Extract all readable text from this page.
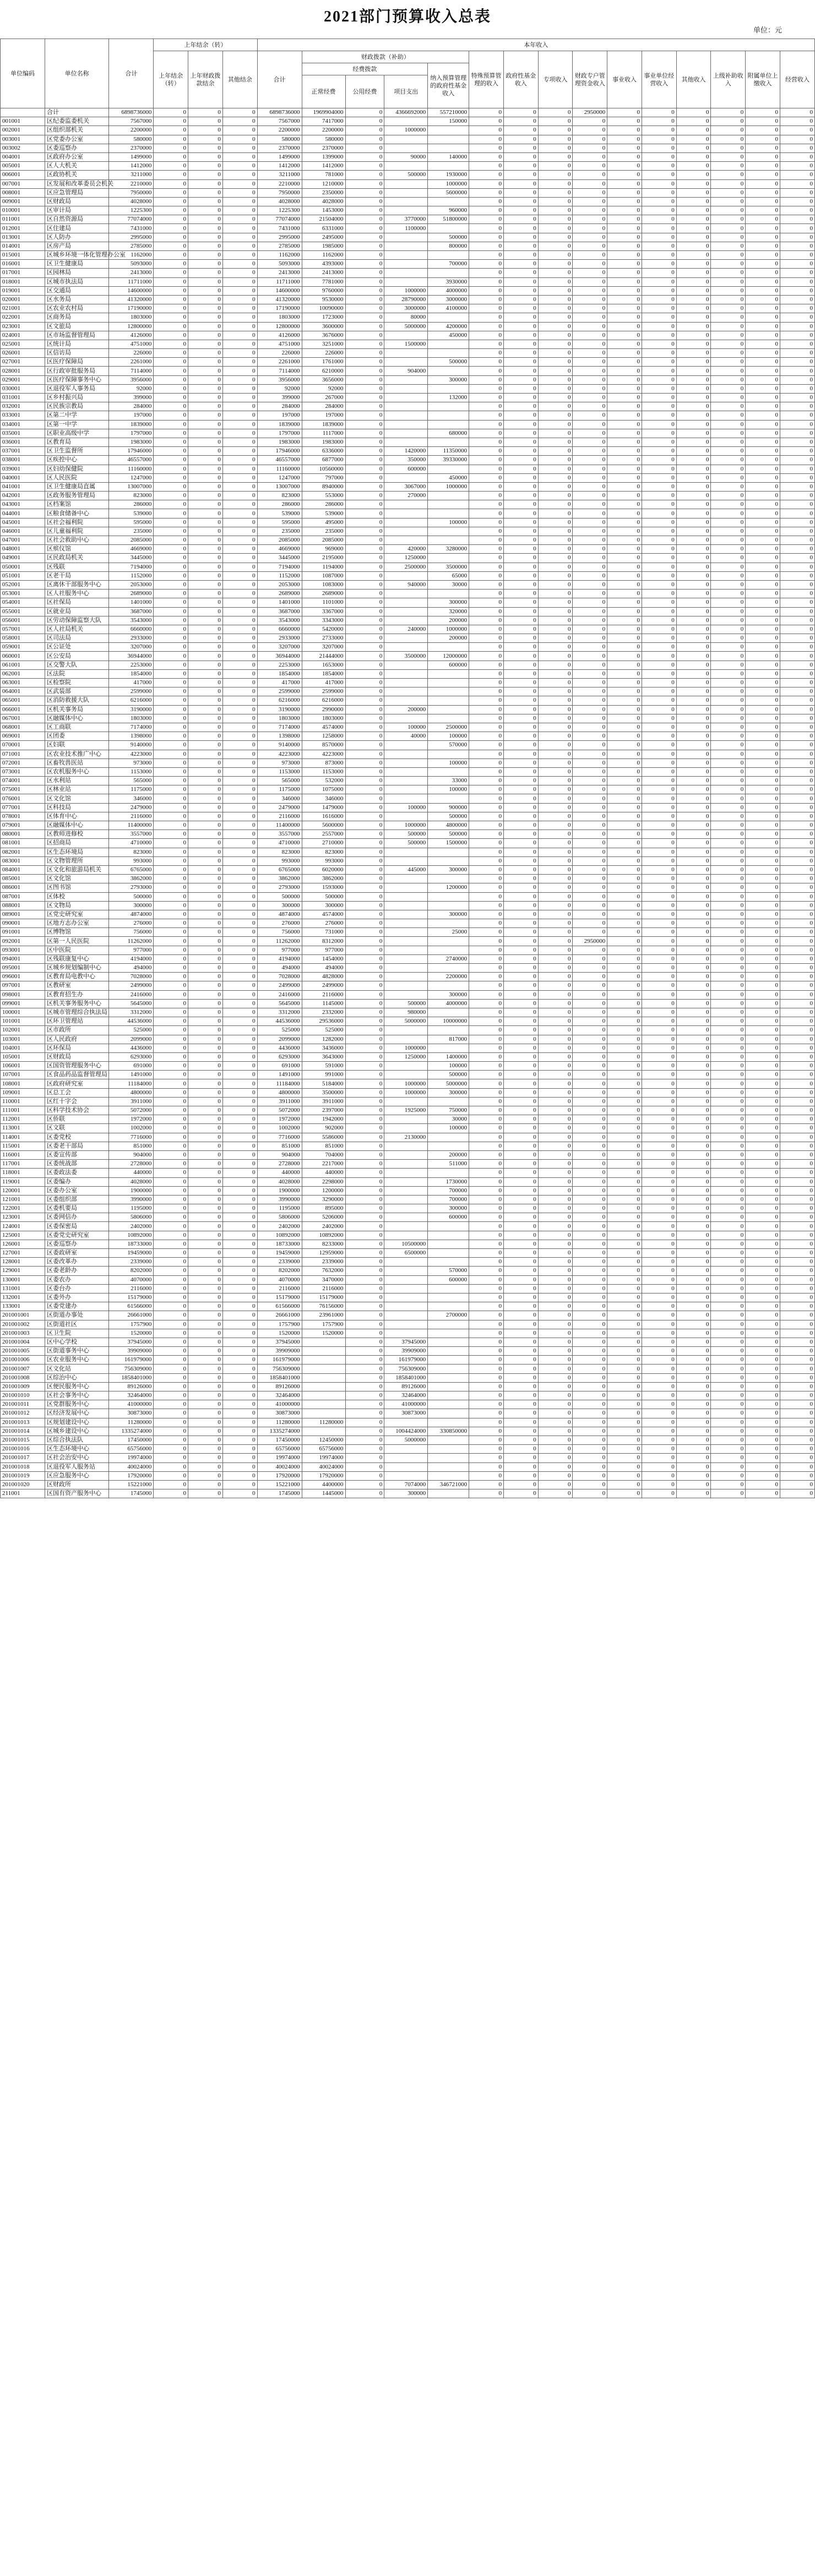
2021部门预算收入总表
单位：元
单位编码	单位名称	合计	上年结余（转）			本年收入														
			上年结余（转）	上年财政拨款结余	其他结余	合计	财政拨款（补助）				特殊预算管理的收入	政府性基金收入	专项收入	财政专户管理资金收入	事业收入	事业单位经营收入	其他收入	上级补助收入	附属单位上缴收入	经营收入
							经费拨款			纳入预算管理的政府性基金收入										
							正常经费	公用经费	项目支出											
	合计	6898736000	0	0	0	6898736000	1969904000	0	4366692000	557210000	0	0	0	2950000	0	0	0	0	0	0
001001	区纪委监委机关	7567000	0	0	0	7567000	7417000	0		150000	0	0	0	0	0	0	0	0	0	0
002001	区组织部机关	2200000	0	0	0	2200000	2200000	0	1000000		0	0	0	0	0	0	0	0	0	0
003001	区党委办公室	580000	0	0	0	580000	580000	0			0	0	0	0	0	0	0	0	0	0
003002	区委巡察办	2370000	0	0	0	2370000	2370000	0			0	0	0	0	0	0	0	0	0	0
004001	区政府办公室	1499000	0	0	0	1499000	1399000	0	90000	140000	0	0	0	0	0	0	0	0	0	0
005001	区人大机关	1412000	0	0	0	1412000	1412000	0			0	0	0	0	0	0	0	0	0	0
006001	区政协机关	3211000	0	0	0	3211000	781000	0	500000	1930000	0	0	0	0	0	0	0	0	0	0
007001	区发展和改革委员会机关	2210000	0	0	0	2210000	1210000	0		1000000	0	0	0	0	0	0	0	0	0	0
008001	区应急管理局	7950000	0	0	0	7950000	2350000	0		5600000	0	0	0	0	0	0	0	0	0	0
009001	区财政局	4028000	0	0	0	4028000	4028000	0			0	0	0	0	0	0	0	0	0	0
010001	区审计局	1225300	0	0	0	1225300	1453000	0		960000	0	0	0	0	0	0	0	0	0	0
011001	区自然资源局	77074000	0	0	0	77074000	21504000	0	3770000	51800000	0	0	0	0	0	0	0	0	0	0
012001	区住建局	7431000	0	0	0	7431000	6331000	0	1100000		0	0	0	0	0	0	0	0	0	0
013001	区人防办	2995000	0	0	0	2995000	2495000	0		500000	0	0	0	0	0	0	0	0	0	0
014001	区房产局	2785000	0	0	0	2785000	1985000	0		800000	0	0	0	0	0	0	0	0	0	0
015001	区城乡环境一体化管理办公室	1162000	0	0	0	1162000	1162000	0			0	0	0	0	0	0	0	0	0	0
016001	区卫生健康局	5093000	0	0	0	5093000	4393000	0		700000	0	0	0	0	0	0	0	0	0	0
017001	区园林局	2413000	0	0	0	2413000	2413000	0			0	0	0	0	0	0	0	0	0	0
018001	区城市执法局	11711000	0	0	0	11711000	7781000	0		3930000	0	0	0	0	0	0	0	0	0	0
019001	区交通局	14600000	0	0	0	14600000	9760000	0	1000000	4000000	0	0	0	0	0	0	0	0	0	0
020001	区水务局	41320000	0	0	0	41320000	9530000	0	28790000	3000000	0	0	0	0	0	0	0	0	0	0
021001	区农业农村局	17190000	0	0	0	17190000	10090000	0	3000000	4100000	0	0	0	0	0	0	0	0	0	0
022001	区商务局	1803000	0	0	0	1803000	1723000	0	80000		0	0	0	0	0	0	0	0	0	0
023001	区文旅局	12800000	0	0	0	12800000	3600000	0	5000000	4200000	0	0	0	0	0	0	0	0	0	0
024001	区市场监督管理局	4126000	0	0	0	4126000	3676000	0		450000	0	0	0	0	0	0	0	0	0	0
025001	区统计局	4751000	0	0	0	4751000	3251000	0	1500000		0	0	0	0	0	0	0	0	0	0
026001	区信访局	226000	0	0	0	226000	226000	0			0	0	0	0	0	0	0	0	0	0
027001	区医疗保障局	2261000	0	0	0	2261000	1761000	0		500000	0	0	0	0	0	0	0	0	0	0
028001	区行政审批服务局	7114000	0	0	0	7114000	6210000	0	904000		0	0	0	0	0	0	0	0	0	0
029001	区医疗保障事务中心	3956000	0	0	0	3956000	3656000	0		300000	0	0	0	0	0	0	0	0	0	0
030001	区退役军人事务局	92000	0	0	0	92000	92000	0			0	0	0	0	0	0	0	0	0	0
031001	区乡村振兴局	399000	0	0	0	399000	267000	0		132000	0	0	0	0	0	0	0	0	0	0
032001	区民族宗教局	284000	0	0	0	284000	284000	0			0	0	0	0	0	0	0	0	0	0
033001	区第二中学	197000	0	0	0	197000	197000	0			0	0	0	0	0	0	0	0	0	0
034001	区第一中学	1839000	0	0	0	1839000	1839000	0			0	0	0	0	0	0	0	0	0	0
035001	区职业高级中学	1797000	0	0	0	1797000	1117000	0		680000	0	0	0	0	0	0	0	0	0	0
036001	区教育局	1983000	0	0	0	1983000	1983000	0			0	0	0	0	0	0	0	0	0	0
037001	区卫生监督所	17946000	0	0	0	17946000	6336000	0	1420000	11350000	0	0	0	0	0	0	0	0	0	0
038001	区疾控中心	46557000	0	0	0	46557000	6877000	0	350000	39330000	0	0	0	0	0	0	0	0	0	0
039001	区妇幼保健院	11160000	0	0	0	11160000	10560000	0	600000		0	0	0	0	0	0	0	0	0	0
040001	区人民医院	1247000	0	0	0	1247000	797000	0		450000	0	0	0	0	0	0	0	0	0	0
041001	区卫生健康局直属	13007000	0	0	0	13007000	8940000	0	3067000	1000000	0	0	0	0	0	0	0	0	0	0
042001	区政务服务管理局	823000	0	0	0	823000	553000	0	270000		0	0	0	0	0	0	0	0	0	0
043001	区档案馆	286000	0	0	0	286000	286000	0			0	0	0	0	0	0	0	0	0	0
044001	区粮食储备中心	539000	0	0	0	539000	539000	0			0	0	0	0	0	0	0	0	0	0
045001	区社会福利院	595000	0	0	0	595000	495000	0		100000	0	0	0	0	0	0	0	0	0	0
046001	区儿童福利院	235000	0	0	0	235000	235000	0			0	0	0	0	0	0	0	0	0	0
047001	区社会救助中心	2085000	0	0	0	2085000	2085000	0			0	0	0	0	0	0	0	0	0	0
048001	区殡仪馆	4669000	0	0	0	4669000	969000	0	420000	3280000	0	0	0	0	0	0	0	0	0	0
049001	区民政局机关	3445000	0	0	0	3445000	2195000	0	1250000		0	0	0	0	0	0	0	0	0	0
050001	区残联	7194000	0	0	0	7194000	1194000	0	2500000	3500000	0	0	0	0	0	0	0	0	0	0
051001	区老干局	1152000	0	0	0	1152000	1087000	0		65000	0	0	0	0	0	0	0	0	0	0
052001	区离休干部服务中心	2053000	0	0	0	2053000	1083000	0	940000	30000	0	0	0	0	0	0	0	0	0	0
053001	区人社服务中心	2689000	0	0	0	2689000	2689000	0			0	0	0	0	0	0	0	0	0	0
054001	区社保局	1401000	0	0	0	1401000	1101000	0		300000	0	0	0	0	0	0	0	0	0	0
055001	区就业局	3687000	0	0	0	3687000	3367000	0		320000	0	0	0	0	0	0	0	0	0	0
056001	区劳动保障监察大队	3543000	0	0	0	3543000	3343000	0		200000	0	0	0	0	0	0	0	0	0	0
057001	区人社局机关	6660000	0	0	0	6660000	5420000	0	240000	1000000	0	0	0	0	0	0	0	0	0	0
058001	区司法局	2933000	0	0	0	2933000	2733000	0		200000	0	0	0	0	0	0	0	0	0	0
059001	区公证处	3207000	0	0	0	3207000	3207000	0			0	0	0	0	0	0	0	0	0	0
060001	区公安局	36944000	0	0	0	36944000	21444000	0	3500000	12000000	0	0	0	0	0	0	0	0	0	0
061001	区交警大队	2253000	0	0	0	2253000	1653000	0		600000	0	0	0	0	0	0	0	0	0	0
062001	区法院	1854000	0	0	0	1854000	1854000	0			0	0	0	0	0	0	0	0	0	0
063001	区检察院	417000	0	0	0	417000	417000	0			0	0	0	0	0	0	0	0	0	0
064001	区武装部	2599000	0	0	0	2599000	2599000	0			0	0	0	0	0	0	0	0	0	0
065001	区消防救援大队	6216000	0	0	0	6216000	6216000	0			0	0	0	0	0	0	0	0	0	0
066001	区机关事务局	3190000	0	0	0	3190000	2990000	0	200000		0	0	0	0	0	0	0	0	0	0
067001	区融媒体中心	1803000	0	0	0	1803000	1803000	0			0	0	0	0	0	0	0	0	0	0
068001	区工商联	7174000	0	0	0	7174000	4574000	0	100000	2500000	0	0	0	0	0	0	0	0	0	0
069001	区团委	1398000	0	0	0	1398000	1258000	0	40000	100000	0	0	0	0	0	0	0	0	0	0
070001	区妇联	9140000	0	0	0	9140000	8570000	0		570000	0	0	0	0	0	0	0	0	0	0
071001	区农业技术推广中心	4223000	0	0	0	4223000	4223000	0			0	0	0	0	0	0	0	0	0	0
072001	区畜牧兽医站	973000	0	0	0	973000	873000	0		100000	0	0	0	0	0	0	0	0	0	0
073001	区农机服务中心	1153000	0	0	0	1153000	1153000	0			0	0	0	0	0	0	0	0	0	0
074001	区水利站	565000	0	0	0	565000	532000	0		33000	0	0	0	0	0	0	0	0	0	0
075001	区林业站	1175000	0	0	0	1175000	1075000	0		100000	0	0	0	0	0	0	0	0	0	0
076001	区文化馆	346000	0	0	0	346000	346000	0			0	0	0	0	0	0	0	0	0	0
077001	区科技局	2479000	0	0	0	2479000	1479000	0	100000	900000	0	0	0	0	0	0	0	0	0	0
078001	区体育中心	2116000	0	0	0	2116000	1616000	0		500000	0	0	0	0	0	0	0	0	0	0
079001	区融媒体中心	11400000	0	0	0	11400000	5600000	0	1000000	4800000	0	0	0	0	0	0	0	0	0	0
080001	区教师进修校	3557000	0	0	0	3557000	2557000	0	500000	500000	0	0	0	0	0	0	0	0	0	0
081001	区招商局	4710000	0	0	0	4710000	2710000	0	500000	1500000	0	0	0	0	0	0	0	0	0	0
082001	区生态环境局	823000	0	0	0	823000	823000	0			0	0	0	0	0	0	0	0	0	0
083001	区文物管理所	993000	0	0	0	993000	993000	0			0	0	0	0	0	0	0	0	0	0
084001	区文化和旅游局机关	6765000	0	0	0	6765000	6020000	0	445000	300000	0	0	0	0	0	0	0	0	0	0
085001	区文化馆	3862000	0	0	0	3862000	3862000	0			0	0	0	0	0	0	0	0	0	0
086001	区图书馆	2793000	0	0	0	2793000	1593000	0		1200000	0	0	0	0	0	0	0	0	0	0
087001	区体校	500000	0	0	0	500000	500000	0			0	0	0	0	0	0	0	0	0	0
088001	区文物局	300000	0	0	0	300000	300000	0			0	0	0	0	0	0	0	0	0	0
089001	区党史研究室	4874000	0	0	0	4874000	4574000	0		300000	0	0	0	0	0	0	0	0	0	0
090001	区地方志办公室	276000	0	0	0	276000	276000	0			0	0	0	0	0	0	0	0	0	0
091001	区博物馆	756000	0	0	0	756000	731000	0		25000	0	0	0	0	0	0	0	0	0	0
092001	区第一人民医院	11262000	0	0	0	11262000	8312000	0			0	0	0	2950000	0	0	0	0	0	0
093001	区中医院	977000	0	0	0	977000	977000	0			0	0	0	0	0	0	0	0	0	0
094001	区残联康复中心	4194000	0	0	0	4194000	1454000	0		2740000	0	0	0	0	0	0	0	0	0	0
095001	区城乡规划编制中心	494000	0	0	0	494000	494000	0			0	0	0	0	0	0	0	0	0	0
096001	区教育局电教中心	7028000	0	0	0	7028000	4828000	0		2200000	0	0	0	0	0	0	0	0	0	0
097001	区教研室	2499000	0	0	0	2499000	2499000	0			0	0	0	0	0	0	0	0	0	0
098001	区教育招生办	2416000	0	0	0	2416000	2116000	0		300000	0	0	0	0	0	0	0	0	0	0
099001	区机关事务服务中心	5645000	0	0	0	5645000	1145000	0	500000	4000000	0	0	0	0	0	0	0	0	0	0
100001	区城市管理综合执法局	3312000	0	0	0	3312000	2332000	0	980000		0	0	0	0	0	0	0	0	0	0
101001	区环卫管理站	44536000	0	0	0	44536000	29536000	0	5000000	10000000	0	0	0	0	0	0	0	0	0	0
102001	区市政所	525000	0	0	0	525000	525000	0			0	0	0	0	0	0	0	0	0	0
103001	区人民政府	2099000	0	0	0	2099000	1282000	0		817000	0	0	0	0	0	0	0	0	0	0
104001	区环保局	4436000	0	0	0	4436000	3436000	0	1000000		0	0	0	0	0	0	0	0	0	0
105001	区财政局	6293000	0	0	0	6293000	3643000	0	1250000	1400000	0	0	0	0	0	0	0	0	0	0
106001	区国资管理服务中心	691000	0	0	0	691000	591000	0		100000	0	0	0	0	0	0	0	0	0	0
107001	区食品药品监督管理局	1491000	0	0	0	1491000	991000	0		500000	0	0	0	0	0	0	0	0	0	0
108001	区政府研究室	11184000	0	0	0	11184000	5184000	0	1000000	5000000	0	0	0	0	0	0	0	0	0	0
109001	区总工会	4800000	0	0	0	4800000	3500000	0	1000000	300000	0	0	0	0	0	0	0	0	0	0
110001	区红十字会	3911000	0	0	0	3911000	3911000	0			0	0	0	0	0	0	0	0	0	0
111001	区科学技术协会	5072000	0	0	0	5072000	2397000	0	1925000	750000	0	0	0	0	0	0	0	0	0	0
112001	区侨联	1972000	0	0	0	1972000	1942000	0		30000	0	0	0	0	0	0	0	0	0	0
113001	区文联	1002000	0	0	0	1002000	902000	0		100000	0	0	0	0	0	0	0	0	0	0
114001	区委党校	7716000	0	0	0	7716000	5586000	0	2130000		0	0	0	0	0	0	0	0	0	0
115001	区委老干部局	851000	0	0	0	851000	851000	0			0	0	0	0	0	0	0	0	0	0
116001	区委宣传部	904000	0	0	0	904000	704000	0		200000	0	0	0	0	0	0	0	0	0	0
117001	区委统战部	2728000	0	0	0	2728000	2217000	0		511000	0	0	0	0	0	0	0	0	0	0
118001	区委政法委	440000	0	0	0	440000	440000	0			0	0	0	0	0	0	0	0	0	0
119001	区委编办	4028000	0	0	0	4028000	2298000	0		1730000	0	0	0	0	0	0	0	0	0	0
120001	区委办公室	1900000	0	0	0	1900000	1200000	0		700000	0	0	0	0	0	0	0	0	0	0
121001	区委组织部	3990000	0	0	0	3990000	3290000	0		700000	0	0	0	0	0	0	0	0	0	0
122001	区委机要局	1195000	0	0	0	1195000	895000	0		300000	0	0	0	0	0	0	0	0	0	0
123001	区委网信办	5806000	0	0	0	5806000	5206000	0		600000	0	0	0	0	0	0	0	0	0	0
124001	区委保密局	2402000	0	0	0	2402000	2402000	0			0	0	0	0	0	0	0	0	0	0
125001	区委党史研究室	10892000	0	0	0	10892000	10892000	0			0	0	0	0	0	0	0	0	0	0
126001	区委巡察办	18733000	0	0	0	18733000	8233000	0	10500000		0	0	0	0	0	0	0	0	0	0
127001	区委政研室	19459000	0	0	0	19459000	12959000	0	6500000		0	0	0	0	0	0	0	0	0	0
128001	区委改革办	2339000	0	0	0	2339000	2339000	0			0	0	0	0	0	0	0	0	0	0
129001	区委老龄办	8202000	0	0	0	8202000	7632000	0		570000	0	0	0	0	0	0	0	0	0	0
130001	区委农办	4070000	0	0	0	4070000	3470000	0		600000	0	0	0	0	0	0	0	0	0	0
131001	区委台办	2116000	0	0	0	2116000	2116000	0			0	0	0	0	0	0	0	0	0	0
132001	区委外办	15179000	0	0	0	15179000	15179000	0			0	0	0	0	0	0	0	0	0	0
133001	区委党建办	61566000	0	0	0	61566000	76156000	0			0	0	0	0	0	0	0	0	0	0
201001001	区街道办事处	26661000	0	0	0	26661000	23961000	0		2700000	0	0	0	0	0	0	0	0	0	0
201001002	区街道社区	1757900	0	0	0	1757900	1757900	0			0	0	0	0	0	0	0	0	0	0
201001003	区卫生院	1520000	0	0	0	1520000	1520000	0			0	0	0	0	0	0	0	0	0	0
201001004	区中心学校	37945000	0	0	0	37945000		0	37945000		0	0	0	0	0	0	0	0	0	0
201001005	区街道事务中心	39909000	0	0	0	39909000		0	39909000		0	0	0	0	0	0	0	0	0	0
201001006	区农业服务中心	161979000	0	0	0	161979000		0	161979000		0	0	0	0	0	0	0	0	0	0
201001007	区文化站	756309000	0	0	0	756309000		0	756309000		0	0	0	0	0	0	0	0	0	0
201001008	区综治中心	1858401000	0	0	0	1858401000		0	1858401000		0	0	0	0	0	0	0	0	0	0
201001009	区便民服务中心	89126000	0	0	0	89126000		0	89126000		0	0	0	0	0	0	0	0	0	0
201001010	区社会事务中心	32464000	0	0	0	32464000		0	32464000		0	0	0	0	0	0	0	0	0	0
201001011	区党群服务中心	41000000	0	0	0	41000000		0	41000000		0	0	0	0	0	0	0	0	0	0
201001012	区经济发展中心	30873000	0	0	0	30873000		0	30873000		0	0	0	0	0	0	0	0	0	0
201001013	区规划建设中心	11280000	0	0	0	11280000	11280000	0			0	0	0	0	0	0	0	0	0	0
201001014	区城乡建设中心	1335274000	0	0	0	1335274000		0	1004424000	330850000	0	0	0	0	0	0	0	0	0	0
201001015	区综合执法队	17450000	0	0	0	17450000	12450000	0	5000000		0	0	0	0	0	0	0	0	0	0
201001016	区生态环境中心	65756000	0	0	0	65756000	65756000	0			0	0	0	0	0	0	0	0	0	0
201001017	区社会治安中心	19974000	0	0	0	19974000	19974000	0			0	0	0	0	0	0	0	0	0	0
201001018	区退役军人服务站	40024000	0	0	0	40024000	40024000	0			0	0	0	0	0	0	0	0	0	0
201001019	区应急服务中心	17920000	0	0	0	17920000	17920000	0			0	0	0	0	0	0	0	0	0	0
201001020	区财政所	15221000	0	0	0	15221000	4400000	0	7074000	346721000	0	0	0	0	0	0	0	0	0	0
211001	区国有资产服务中心	1745000	0	0	0	1745000	1445000	0	300000		0	0	0	0	0	0	0	0	0	0
